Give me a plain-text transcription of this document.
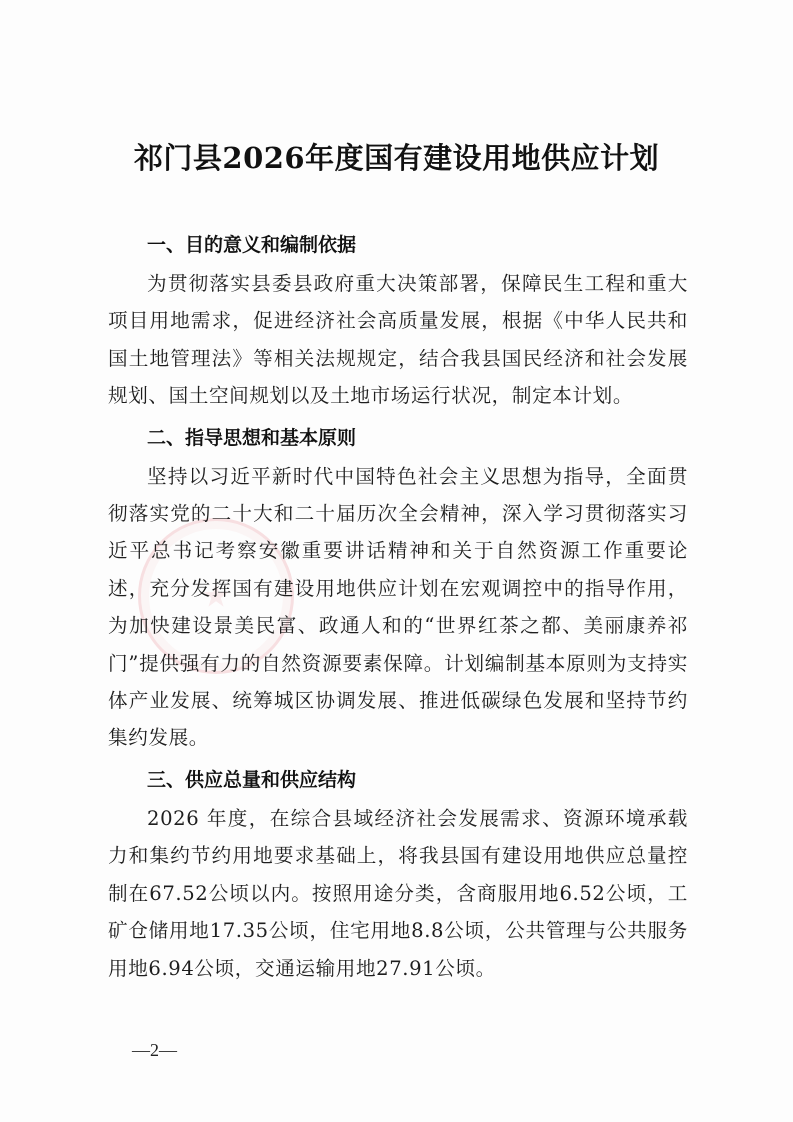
祁门县2026年度国有建设用地供应计划
一、目的意义和编制依据

为贯彻落实县委县政府重大决策部署，保障民生工程和重大项目用地需求，促进经济社会高质量发展，根据《中华人民共和国土地管理法》等相关法规规定，结合我县国民经济和社会发展规划、国土空间规划以及土地市场运行状况，制定本计划。

二、指导思想和基本原则

坚持以习近平新时代中国特色社会主义思想为指导，全面贯彻落实党的二十大和二十届历次全会精神，深入学习贯彻落实习近平总书记考察安徽重要讲话精神和关于自然资源工作重要论述，充分发挥国有建设用地供应计划在宏观调控中的指导作用，为加快建设景美民富、政通人和的“世界红茶之都、美丽康养祁门”提供强有力的自然资源要素保障。计划编制基本原则为支持实体产业发展、统筹城区协调发展、推进低碳绿色发展和坚持节约集约发展。

三、供应总量和供应结构

2026 年度，在综合县域经济社会发展需求、资源环境承载力和集约节约用地要求基础上，将我县国有建设用地供应总量控制在67.52公顷以内。按照用途分类，含商服用地6.52公顷，工矿仓储用地17.35公顷，住宅用地8.8公顷，公共管理与公共服务用地6.94公顷，交通运输用地27.91公顷。

—2—
